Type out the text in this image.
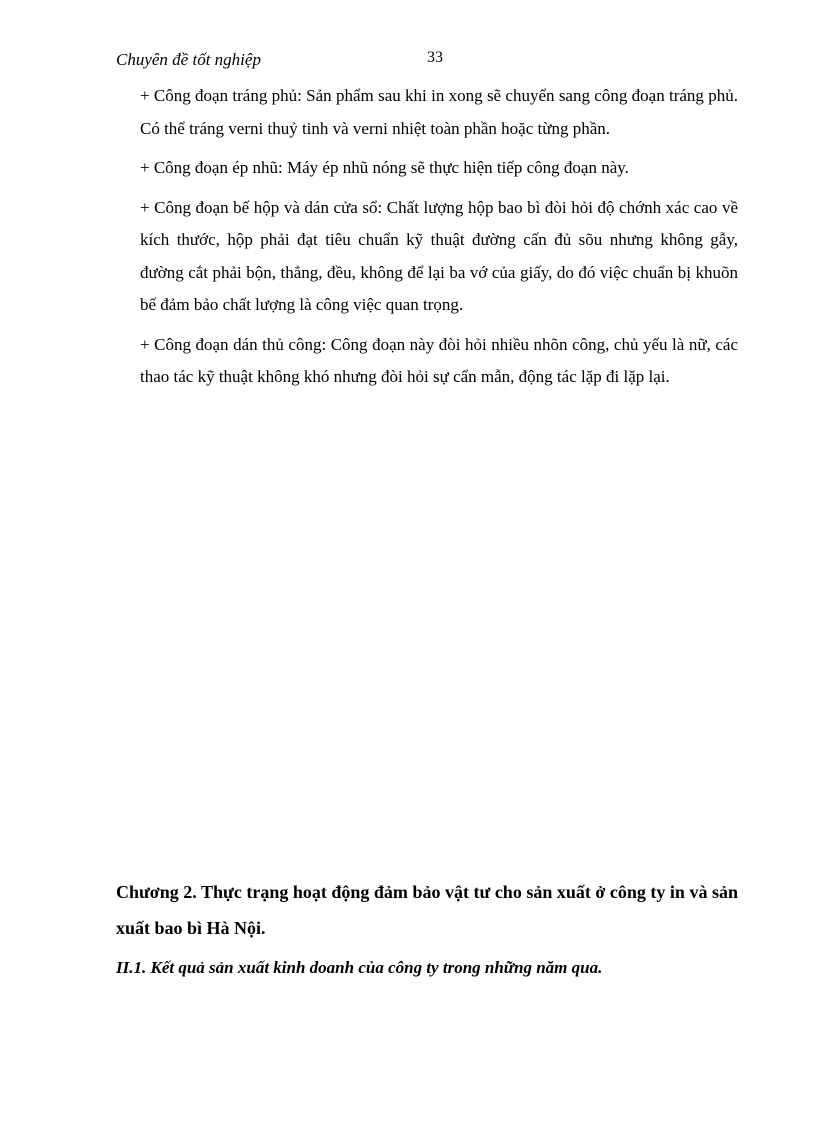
Chuyên đề tốt nghiệp	33

+ Công đoạn tráng phủ: Sản phẩm sau khi in xong sẽ chuyển sang công đoạn tráng phủ. Có thể tráng verni thuỷ tinh và verni nhiệt toàn phần hoặc từng phần.

+ Công đoạn ép nhũ: Máy ép nhũ nóng sẽ thực hiện tiếp công đoạn này.

+ Công đoạn bế hộp và dán cửa sổ: Chất lượng hộp bao bì đòi hỏi độ chớnh xác cao về kích thước, hộp phải đạt tiêu chuẩn kỹ thuật đường cấn đủ sõu nhưng không gẫy, đường cắt phải bộn, thẳng, đều, không để lại ba vớ của giấy, do đó việc chuẩn bị khuõn bế đảm bảo chất lượng là công việc quan trọng.

+ Công đoạn dán thủ công: Công đoạn này đòi hỏi nhiều nhõn công, chủ yếu là nữ, các thao tác kỹ thuật không khó nhưng đòi hỏi sự cẩn mẫn, động tác lặp đi lặp lại.

Chương 2. Thực trạng hoạt động đảm bảo vật tư cho sản xuất ở công ty in và sản xuất bao bì Hà Nội.
II.1. Kết quả sản xuất kinh doanh của công ty trong những năm qua.
